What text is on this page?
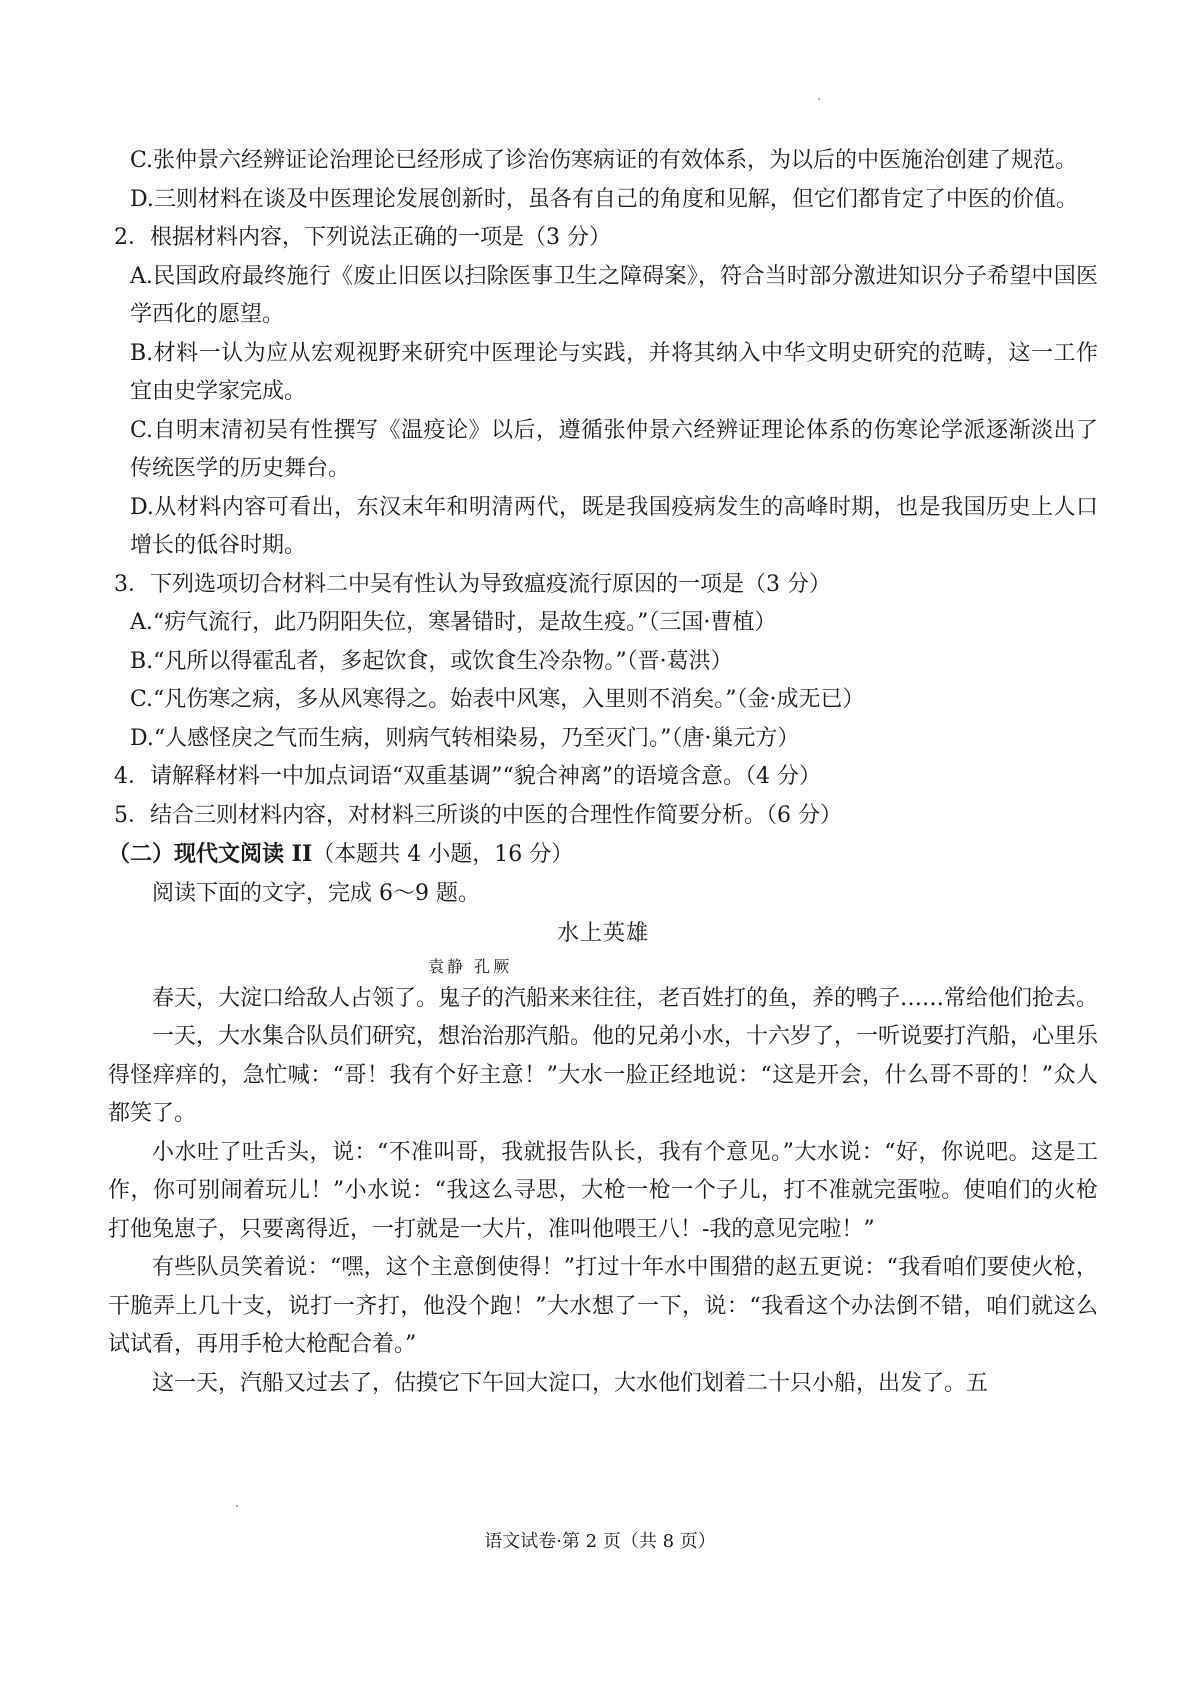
C.张仲景六经辨证论治理论已经形成了诊治伤寒病证的有效体系，为以后的中医施治创建了规范。

D.三则材料在谈及中医理论发展创新时，虽各有自己的角度和见解，但它们都肯定了中医的价值。

2．根据材料内容，下列说法正确的一项是（3 分）

A.民国政府最终施行《废止旧医以扫除医事卫生之障碍案》，符合当时部分激进知识分子希望中国医学西化的愿望。

B.材料一认为应从宏观视野来研究中医理论与实践，并将其纳入中华文明史研究的范畴，这一工作宜由史学家完成。

C.自明末清初吴有性撰写《温疫论》以后，遵循张仲景六经辨证理论体系的伤寒论学派逐渐淡出了传统医学的历史舞台。

D.从材料内容可看出，东汉末年和明清两代，既是我国疫病发生的高峰时期，也是我国历史上人口增长的低谷时期。

3．下列选项切合材料二中吴有性认为导致瘟疫流行原因的一项是（3 分）

A.“疠气流行，此乃阴阳失位，寒暑错时，是故生疫。”（三国·曹植）

B.“凡所以得霍乱者，多起饮食，或饮食生冷杂物。”（晋·葛洪）

C.“凡伤寒之病，多从风寒得之。始表中风寒，入里则不消矣。”（金·成无已）

D.“人感怪戾之气而生病，则病气转相染易，乃至灭门。”（唐·巢元方）

4．请解释材料一中加点词语“双重基调”“貌合神离”的语境含意。（4 分）

5．结合三则材料内容，对材料三所谈的中医的合理性作简要分析。（6 分）

（二）现代文阅读 II（本题共 4 小题，16 分）

阅读下面的文字，完成 6～9 题。

水上英雄

袁静 孔厥

春天，大淀口给敌人占领了。鬼子的汽船来来往往，老百姓打的鱼，养的鸭子……常给他们抢去。

一天，大水集合队员们研究，想治治那汽船。他的兄弟小水，十六岁了，一听说要打汽船，心里乐得怪痒痒的，急忙喊：“哥！我有个好主意！”大水一脸正经地说：“这是开会，什么哥不哥的！”众人都笑了。

小水吐了吐舌头，说：“不准叫哥，我就报告队长，我有个意见。”大水说：“好，你说吧。这是工作，你可别闹着玩儿！”小水说：“我这么寻思，大枪一枪一个子儿，打不准就完蛋啦。使咱们的火枪打他兔崽子，只要离得近，一打就是一大片，准叫他喂王八！-我的意见完啦！”

有些队员笑着说：“嘿，这个主意倒使得！”打过十年水中围猎的赵五更说：“我看咱们要使火枪，干脆弄上几十支，说打一齐打，他没个跑！”大水想了一下，说：“我看这个办法倒不错，咱们就这么试试看，再用手枪大枪配合着。”

这一天，汽船又过去了，估摸它下午回大淀口，大水他们划着二十只小船，出发了。五

语文试卷·第 2 页（共 8 页）
